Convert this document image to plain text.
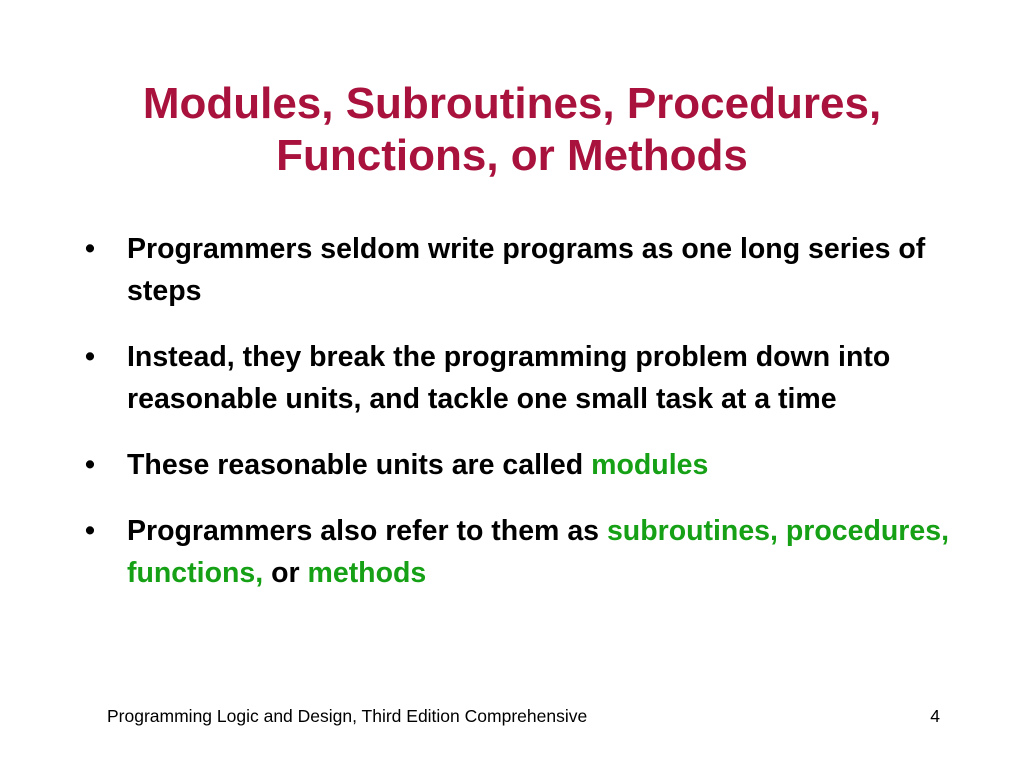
Modules, Subroutines, Procedures,
Functions, or Methods
• Programmers seldom write programs as one long series of steps
• Instead, they break the programming problem down into reasonable units, and tackle one small task at a time
• These reasonable units are called modules
• Programmers also refer to them as subroutines, procedures, functions, or methods
Programming Logic and Design, Third Edition Comprehensive	4
